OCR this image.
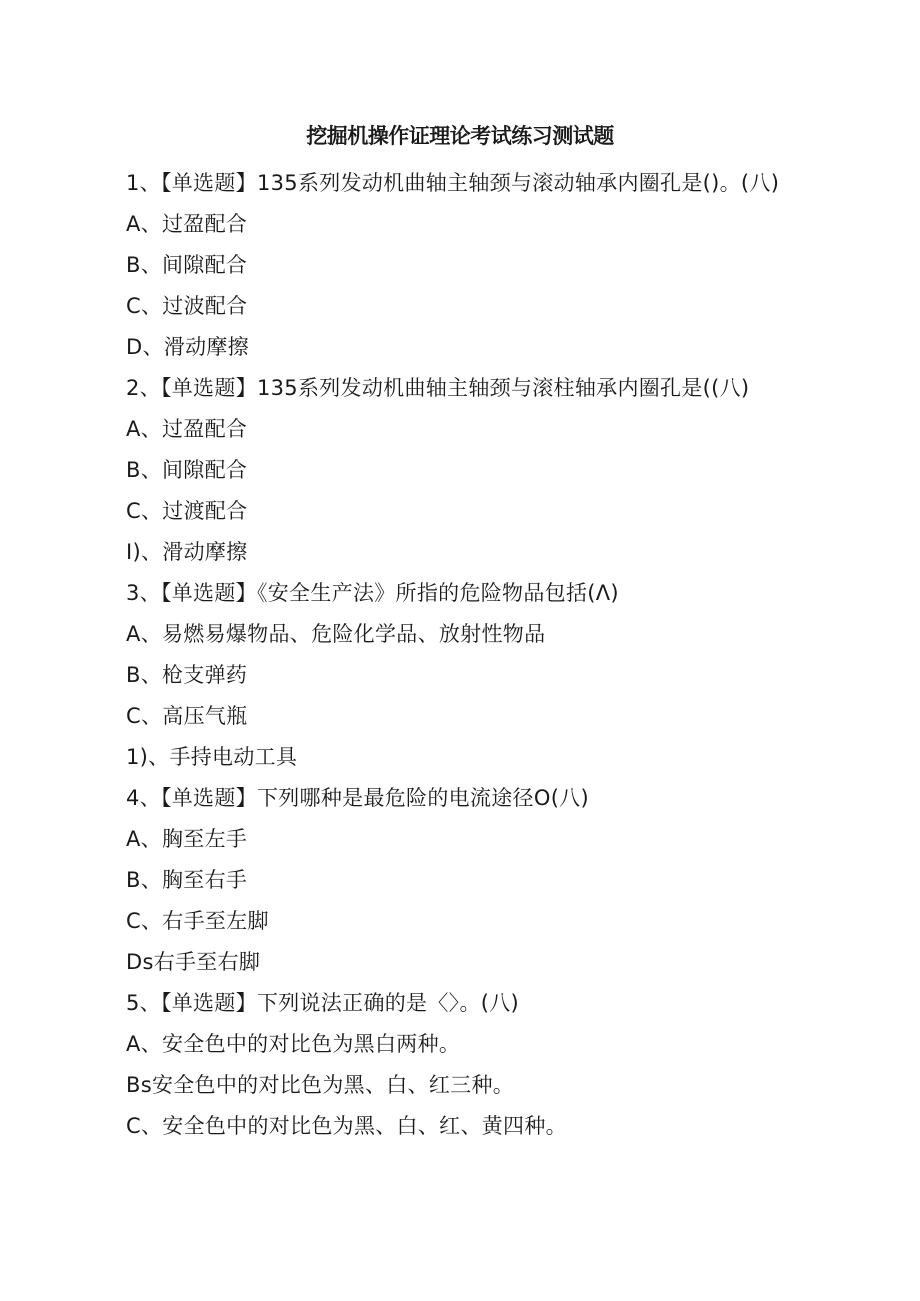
挖掘机操作证理论考试练习测试题
1、【单选题】135系列发动机曲轴主轴颈与滚动轴承内圈孔是()。(八)
A、过盈配合
B、间隙配合
C、过波配合
D、滑动摩擦
2、【单选题】135系列发动机曲轴主轴颈与滚柱轴承内圈孔是((八)
A、过盈配合
B、间隙配合
C、过渡配合
I)、滑动摩擦
3、【单选题】《安全生产法》所指的危险物品包括(Λ)
A、易燃易爆物品、危险化学品、放射性物品
B、枪支弹药
C、高压气瓶
1)、手持电动工具
4、【单选题】下列哪种是最危险的电流途径O(八)
A、胸至左手
B、胸至右手
C、右手至左脚
Ds右手至右脚
5、【单选题】下列说法正确的是〈〉。(八)
A、安全色中的对比色为黑白两种。
Bs安全色中的对比色为黑、白、红三种。
C、安全色中的对比色为黑、白、红、黄四种。
